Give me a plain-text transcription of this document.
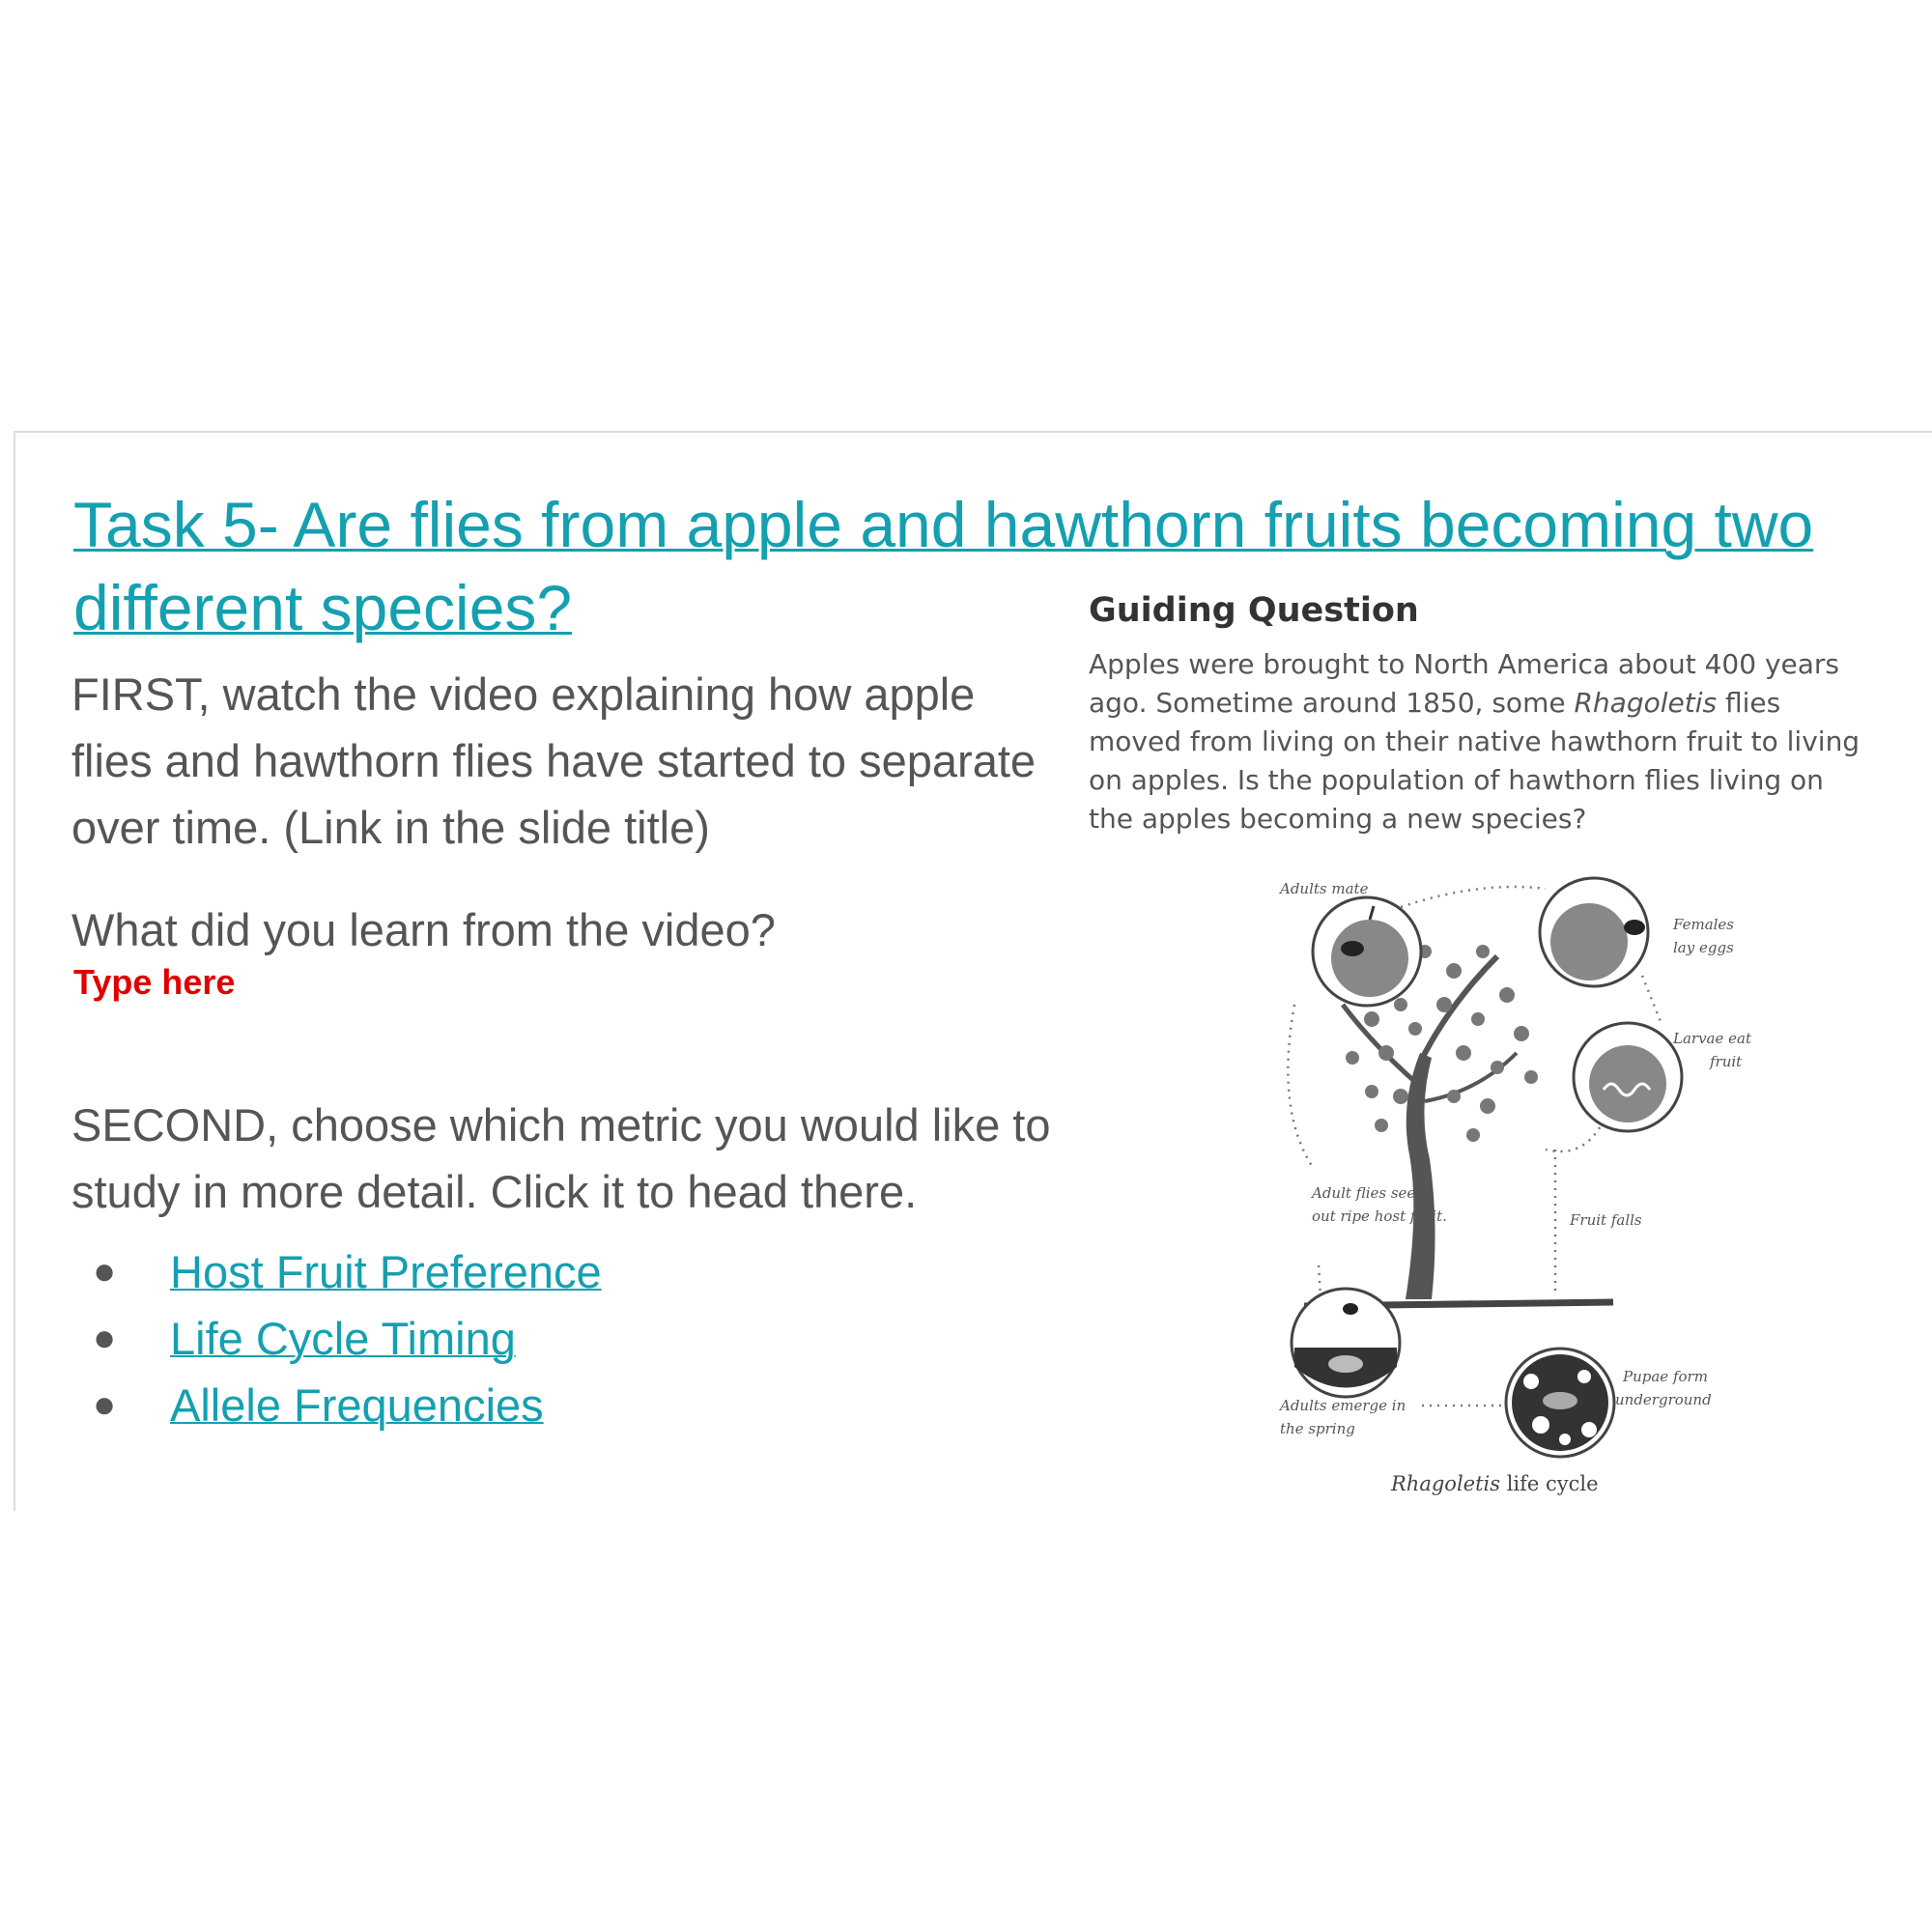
Task 5- Are flies from apple and hawthorn fruits becoming two different species?

FIRST, watch the video explaining how apple flies and hawthorn flies have started to separate over time. (Link in the slide title)

What did you learn from the video?

Type here

SECOND, choose which metric you would like to study in more detail. Click it to head there.

●	Host Fruit Preference
●	Life Cycle Timing
●	Allele Frequencies
Guiding Question

Apples were brought to North America about 400 years ago. Sometime around 1850, some Rhagoletis flies moved from living on their native hawthorn fruit to living on apples. Is the population of hawthorn flies living on the apples becoming a new species?

Adults mate
Females
lay eggs
Larvae eat
fruit
Adult flies seek
out ripe host fruit.	Fruit falls
Adults emerge in
the spring
Pupae form
underground
Rhagoletis life cycle
